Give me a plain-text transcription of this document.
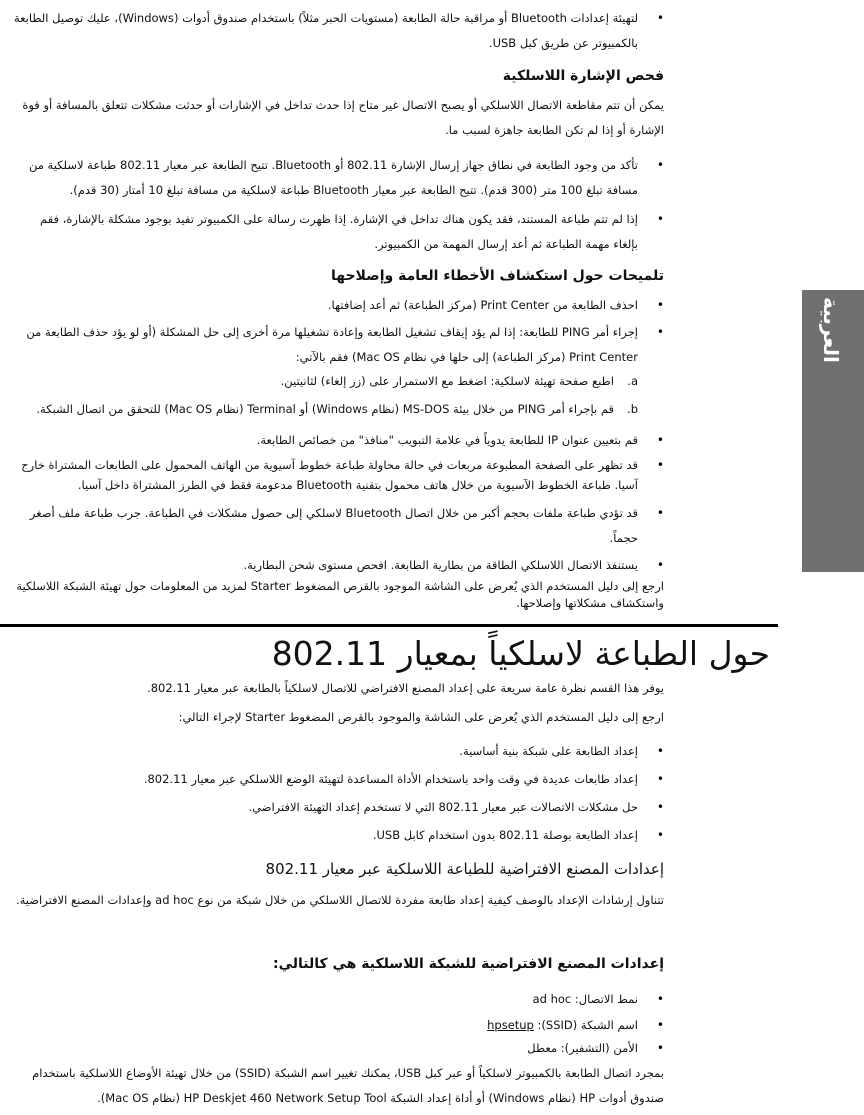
العربية
• لتهيئة إعدادات Bluetooth أو مراقبة حالة الطابعة (مستويات الحبر مثلاً) باستخدام صندوق أدوات (Windows)، عليك توصيل الطابعة بالكمبيوتر عن طريق كبل USB.
فحص الإشارة اللاسلكية
يمكن أن تتم مقاطعة الاتصال اللاسلكي أو يصبح الاتصال غير متاح إذا حدث تداخل في الإشارات أو حدثت مشكلات تتعلق بالمسافة أو قوة الإشارة أو إذا لم تكن الطابعة جاهزة لسبب ما.
• تأكد من وجود الطابعة في نطاق جهاز إرسال الإشارة 802.11 أو Bluetooth. تتيح الطابعة عبر معيار 802.11 طباعة لاسلكية من مسافة تبلغ 100 متر (300 قدم). تتيح الطابعة عبر معيار Bluetooth طباعة لاسلكية من مسافة تبلغ 10 أمتار (30 قدم).
• إذا لم تتم طباعة المستند، فقد يكون هناك تداخل في الإشارة. إذا ظهرت رسالة على الكمبيوتر تفيد بوجود مشكلة بالإشارة، فقم بإلغاء مهمة الطباعة ثم أعد إرسال المهمة من الكمبيوتر.
تلميحات حول استكشاف الأخطاء العامة وإصلاحها
• احذف الطابعة من Print Center (مركز الطباعة) ثم أعد إضافتها.
• إجراء أمر PING للطابعة: إذا لم يؤد إيقاف تشغيل الطابعة وإعادة تشغيلها مرة أخرى إلى حل المشكلة (أو لو يؤد حذف الطابعة من Print Center (مركز الطباعة) إلى حلها في نظام Mac OS) فقم بالآتي:
a.
اطبع صفحة تهيئة لاسلكية: اضغط مع الاستمرار على (زر إلغاء) لثانيتين.
b.
قم بإجراء أمر PING من خلال بيئة MS-DOS (نظام Windows) أو Terminal (نظام Mac OS) للتحقق من اتصال الشبكة.
• قم بتعيين عنوان IP للطابعة يدوياً في علامة التبويب "منافذ" من خصائص الطابعة.
• قد تظهر على الصفحة المطبوعة مربعات في حالة محاولة طباعة خطوط آسيوية من الهاتف المحمول على الطابعات المشتراة خارج آسيا. طباعة الخطوط الآسيوية من خلال هاتف محمول بتقنية Bluetooth مدعومة فقط في الطرز المشتراة داخل آسيا.
• قد تؤدي طباعة ملفات بحجم أكبر من خلال اتصال Bluetooth لاسلكي إلى حصول مشكلات في الطباعة. جرب طباعة ملف أصغر حجماً.
• يستنفذ الاتصال اللاسلكي الطاقة من بطارية الطابعة. افحص مستوى شحن البطارية.
ارجع إلى دليل المستخدم الذي يُعرض على الشاشة الموجود بالقرص المضغوط Starter لمزيد من المعلومات حول تهيئة الشبكة اللاسلكية واستكشاف مشكلاتها وإصلاحها.
حول الطباعة لاسلكياً بمعيار 802.11
يوفر هذا القسم نظرة عامة سريعة على إعداد المصنع الافتراضي للاتصال لاسلكياً بالطابعة عبر معيار 802.11.
ارجع إلى دليل المستخدم الذي يُعرض على الشاشة والموجود بالقرص المضغوط Starter لإجراء التالي:
• إعداد الطابعة على شبكة بنية أساسية.
• إعداد طابعات عديدة في وقت واحد باستخدام الأداة المساعدة لتهيئة الوضع اللاسلكي عبر معيار 802.11.
• حل مشكلات الاتصالات عبر معيار 802.11 التي لا تستخدم إعداد التهيئة الافتراضي.
• إعداد الطابعة بوصلة 802.11 بدون استخدام كابل USB.
إعدادات المصنع الافتراضية للطباعة اللاسلكية عبر معيار 802.11
تتناول إرشادات الإعداد بالوصف كيفية إعداد طابعة مفردة للاتصال اللاسلكي من خلال شبكة من نوع ad hoc وإعدادات المصنع الافتراضية.
إعدادات المصنع الافتراضية للشبكة اللاسلكية هي كالتالي:
• نمط الاتصال: ad hoc
• اسم الشبكة (SSID): hpsetup
• الأمن (التشفير): معطل
بمجرد اتصال الطابعة بالكمبيوتر لاسلكياً أو عبر كبل USB، يمكنك تغيير اسم الشبكة (SSID) من خلال تهيئة الأوضاع اللاسلكية باستخدام صندوق أدوات HP (نظام Windows) أو أداة إعداد الشبكة HP Deskjet 460 Network Setup Tool (نظام Mac OS).
